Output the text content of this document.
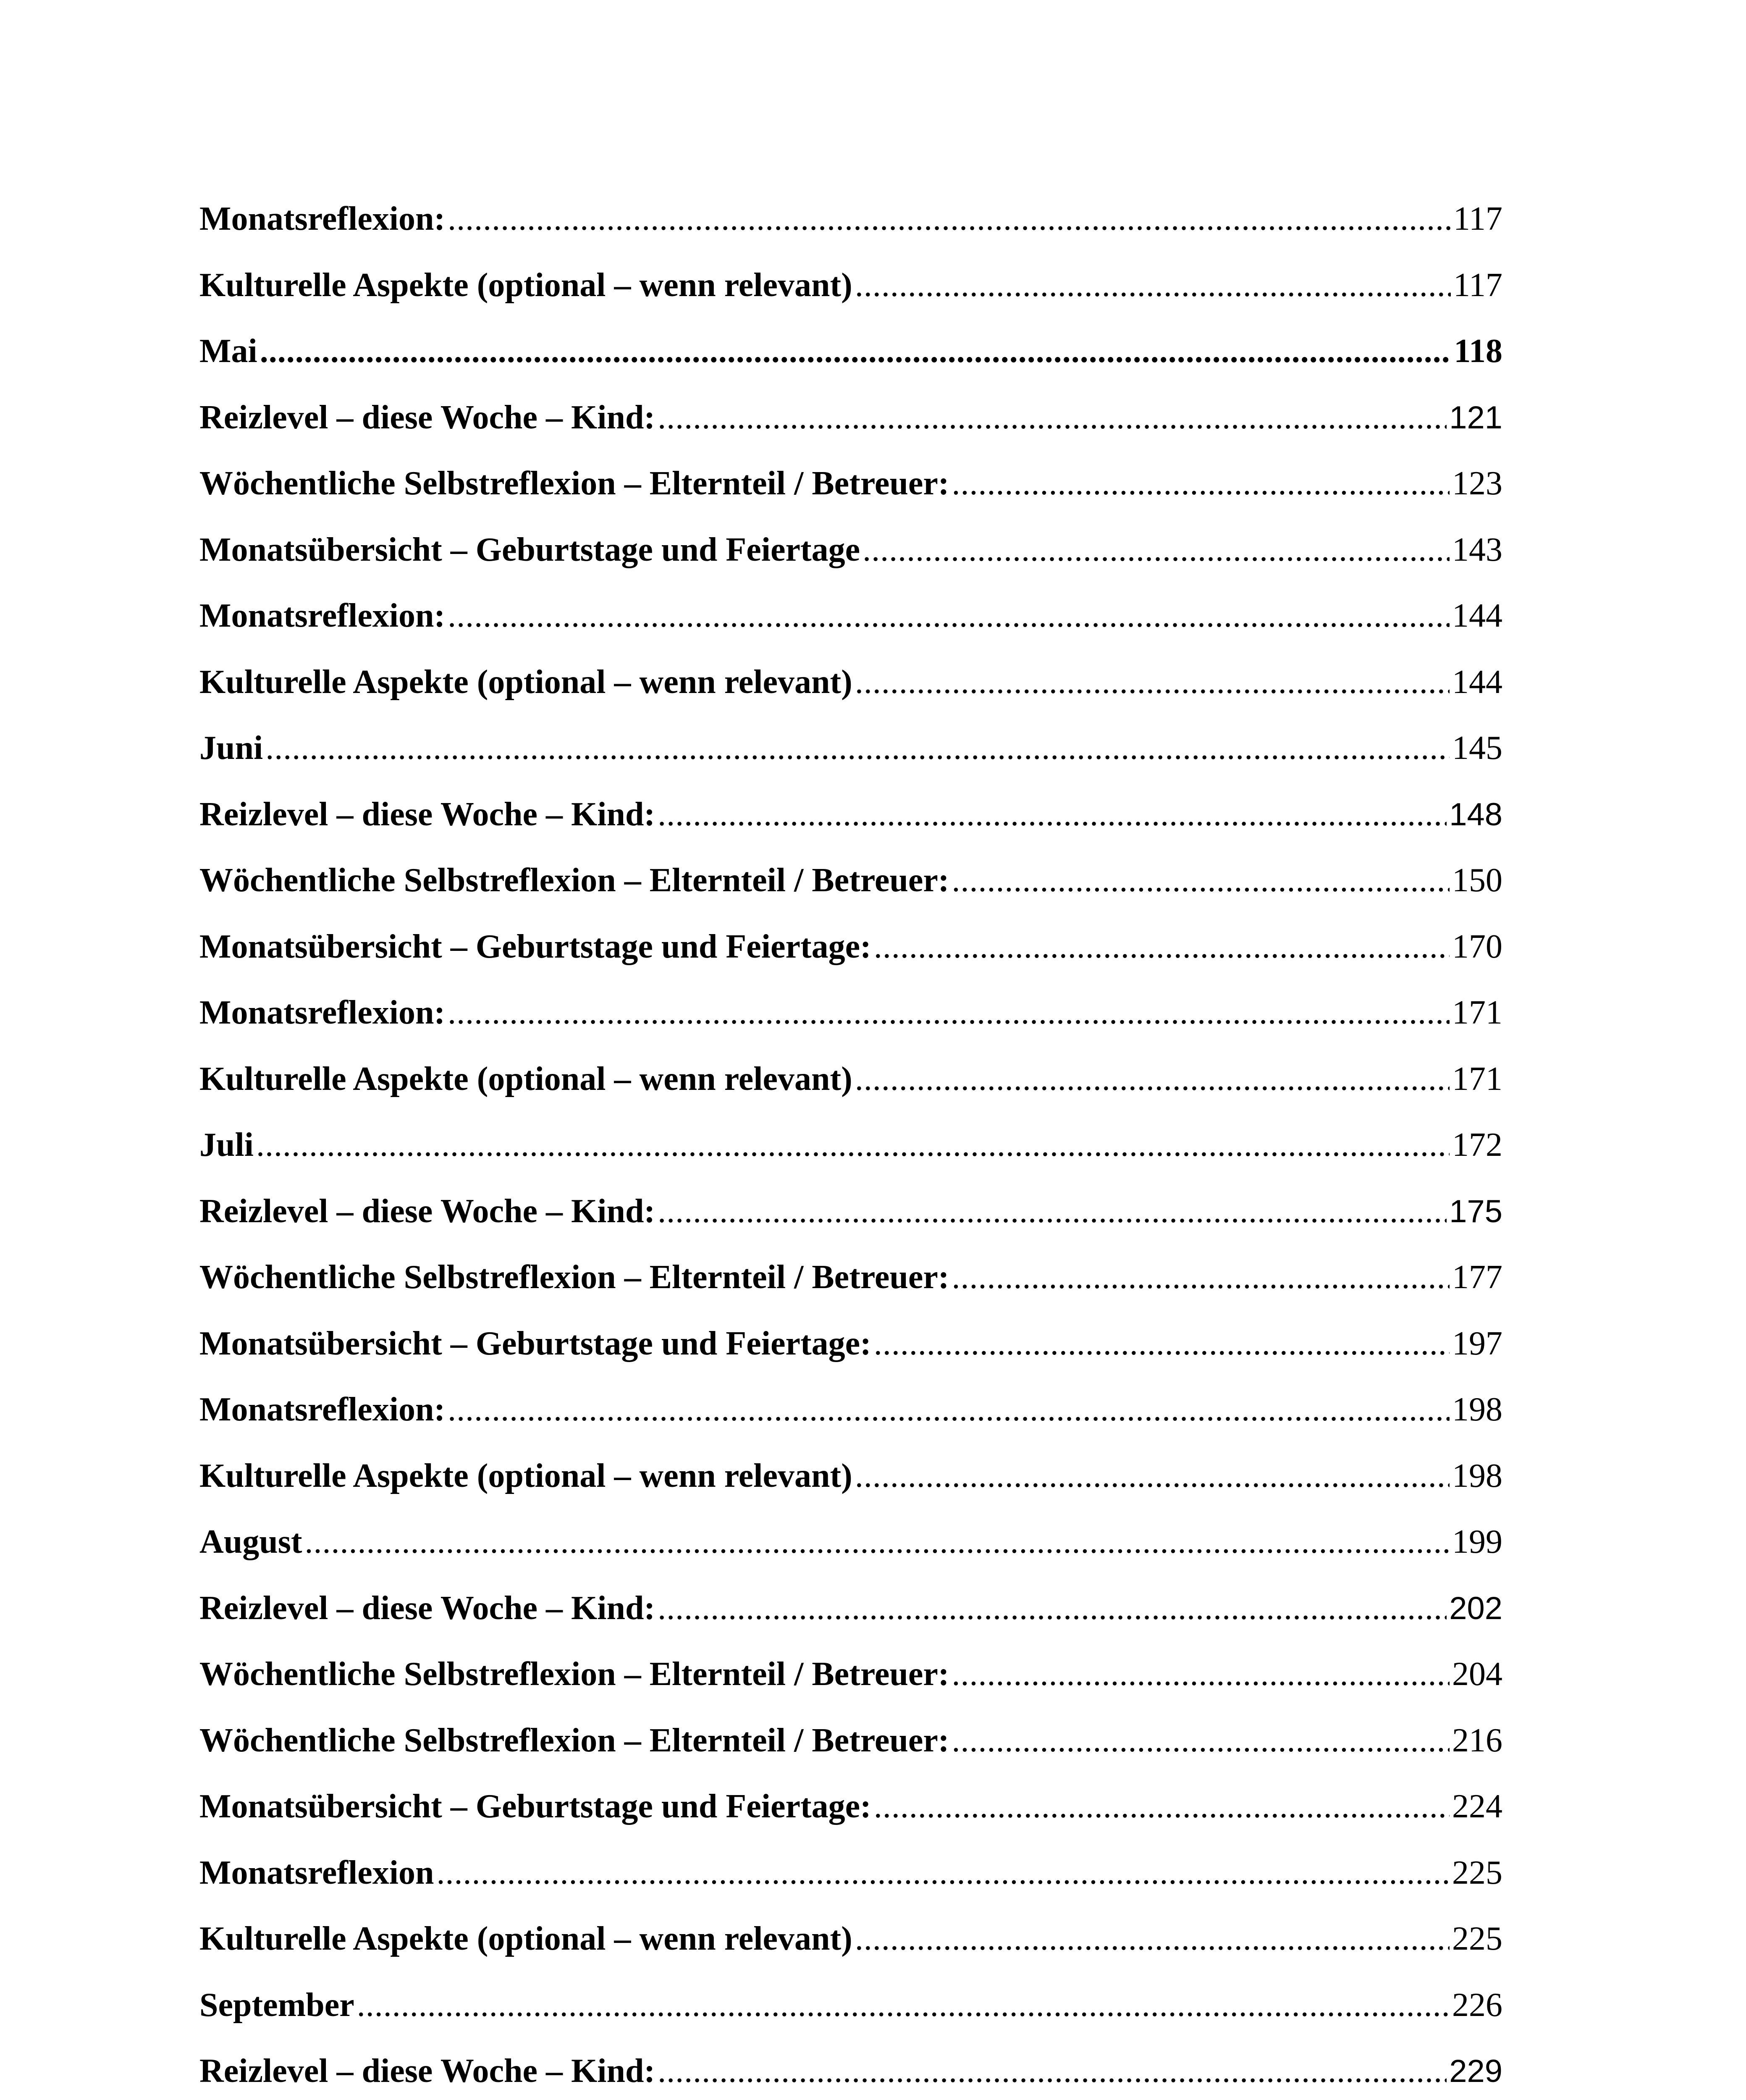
Monatsreflexion: .....	117
Kulturelle Aspekte (optional – wenn relevant) .....	117
Mai .....	118
Reizlevel – diese Woche – Kind: .....	121
Wöchentliche Selbstreflexion – Elternteil / Betreuer: .....	123
Monatsübersicht – Geburtstage und Feiertage .....	143
Monatsreflexion: .....	144
Kulturelle Aspekte (optional – wenn relevant) .....	144
Juni .....	145
Reizlevel – diese Woche – Kind: .....	148
Wöchentliche Selbstreflexion – Elternteil / Betreuer: .....	150
Monatsübersicht – Geburtstage und Feiertage: .....	170
Monatsreflexion: .....	171
Kulturelle Aspekte (optional – wenn relevant) .....	171
Juli .....	172
Reizlevel – diese Woche – Kind: .....	175
Wöchentliche Selbstreflexion – Elternteil / Betreuer: .....	177
Monatsübersicht – Geburtstage und Feiertage: .....	197
Monatsreflexion: .....	198
Kulturelle Aspekte (optional – wenn relevant) .....	198
August .....	199
Reizlevel – diese Woche – Kind: .....	202
Wöchentliche Selbstreflexion – Elternteil / Betreuer: .....	204
Wöchentliche Selbstreflexion – Elternteil / Betreuer: .....	216
Monatsübersicht – Geburtstage und Feiertage: .....	224
Monatsreflexion .....	225
Kulturelle Aspekte (optional – wenn relevant) .....	225
September .....	226
Reizlevel – diese Woche – Kind: .....	229
